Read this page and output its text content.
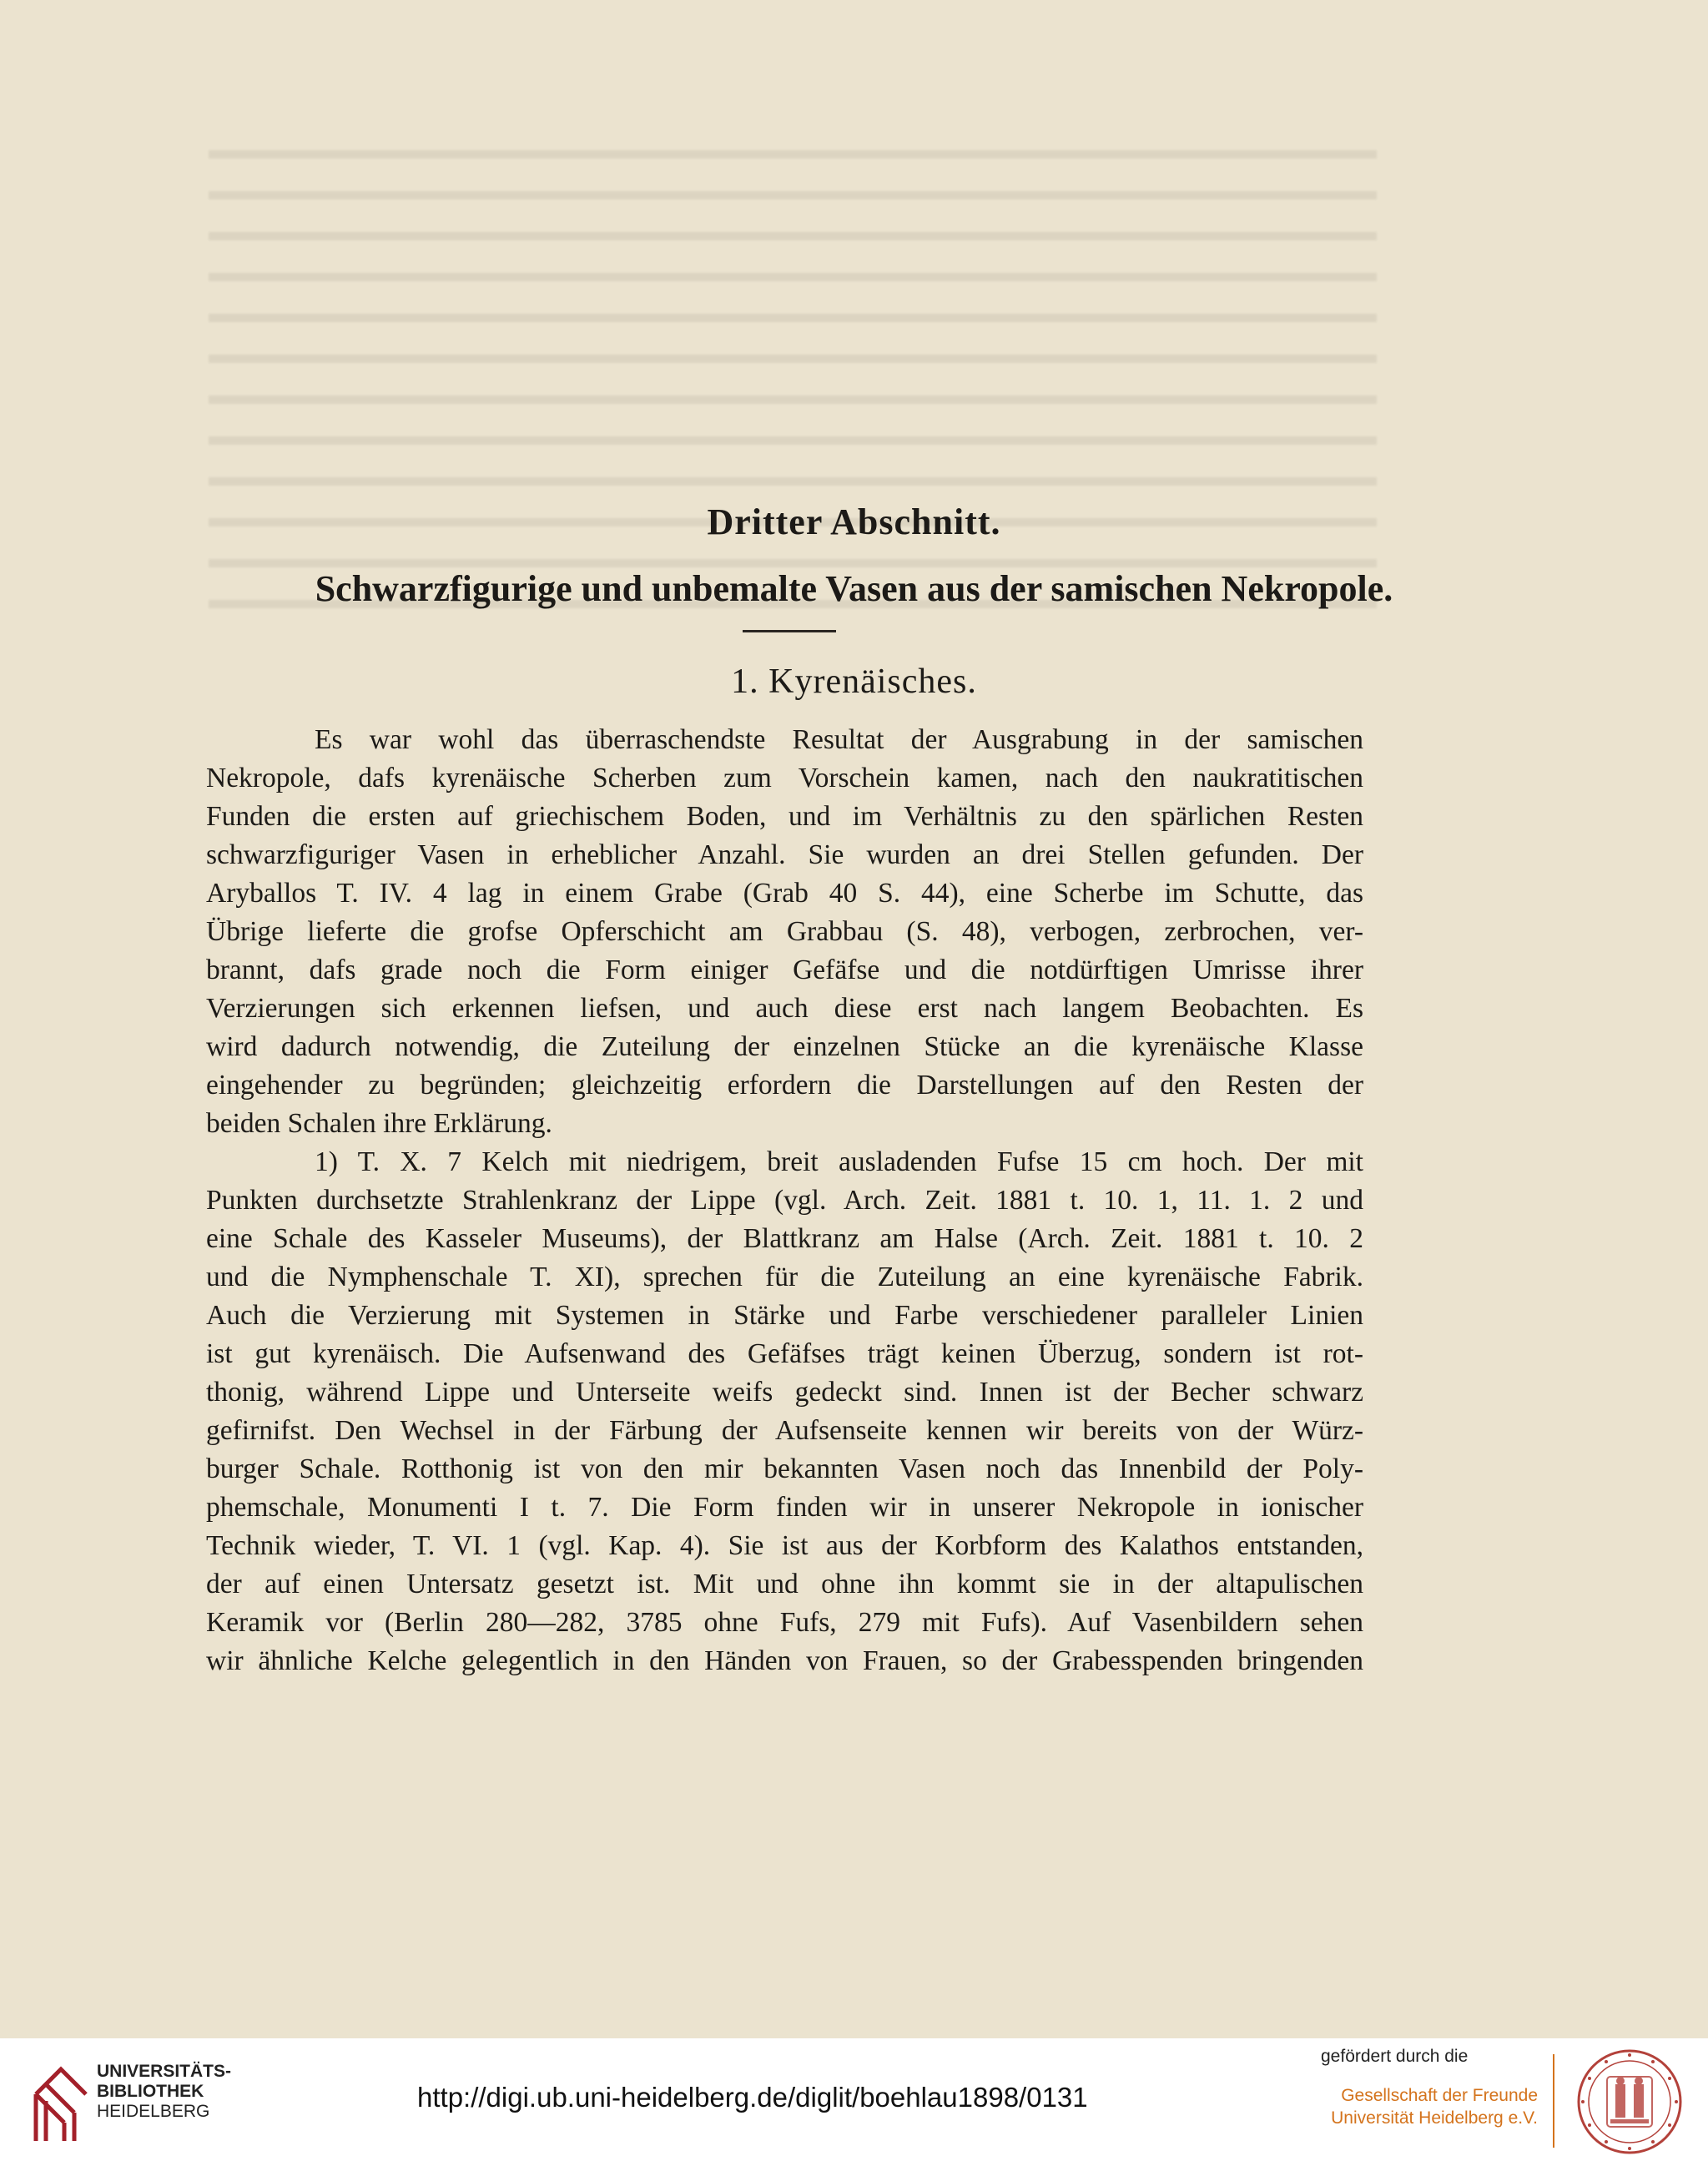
Dritter Abschnitt.
Schwarzfigurige und unbemalte Vasen aus der samischen Nekropole.
1. Kyrenäisches.
Es war wohl das überraschendste Resultat der Ausgrabung in der samischen
Nekropole, dafs kyrenäische Scherben zum Vorschein kamen, nach den naukratitischen
Funden die ersten auf griechischem Boden, und im Verhältnis zu den spärlichen Resten
schwarzfiguriger Vasen in erheblicher Anzahl. Sie wurden an drei Stellen gefunden. Der
Aryballos T. IV. 4 lag in einem Grabe (Grab 40 S. 44), eine Scherbe im Schutte, das
Übrige lieferte die grofse Opferschicht am Grabbau (S. 48), verbogen, zerbrochen, ver-
brannt, dafs grade noch die Form einiger Gefäfse und die notdürftigen Umrisse ihrer
Verzierungen sich erkennen liefsen, und auch diese erst nach langem Beobachten. Es
wird dadurch notwendig, die Zuteilung der einzelnen Stücke an die kyrenäische Klasse
eingehender zu begründen; gleichzeitig erfordern die Darstellungen auf den Resten der
beiden Schalen ihre Erklärung.
1) T. X. 7 Kelch mit niedrigem, breit ausladenden Fufse 15 cm hoch. Der mit
Punkten durchsetzte Strahlenkranz der Lippe (vgl. Arch. Zeit. 1881 t. 10. 1, 11. 1. 2 und
eine Schale des Kasseler Museums), der Blattkranz am Halse (Arch. Zeit. 1881 t. 10. 2
und die Nymphenschale T. XI), sprechen für die Zuteilung an eine kyrenäische Fabrik.
Auch die Verzierung mit Systemen in Stärke und Farbe verschiedener paralleler Linien
ist gut kyrenäisch. Die Aufsenwand des Gefäfses trägt keinen Überzug, sondern ist rot-
thonig, während Lippe und Unterseite weifs gedeckt sind. Innen ist der Becher schwarz
gefirnifst. Den Wechsel in der Färbung der Aufsenseite kennen wir bereits von der Würz-
burger Schale. Rotthonig ist von den mir bekannten Vasen noch das Innenbild der Poly-
phemschale, Monumenti I t. 7. Die Form finden wir in unserer Nekropole in ionischer
Technik wieder, T. VI. 1 (vgl. Kap. 4). Sie ist aus der Korbform des Kalathos entstanden,
der auf einen Untersatz gesetzt ist. Mit und ohne ihn kommt sie in der altapulischen
Keramik vor (Berlin 280—282, 3785 ohne Fufs, 279 mit Fufs). Auf Vasenbildern sehen
wir ähnliche Kelche gelegentlich in den Händen von Frauen, so der Grabesspenden bringenden
UNIVERSITÄTS-
BIBLIOTHEK
HEIDELBERG	http://digi.ub.uni-heidelberg.de/diglit/boehlau1898/0131
gefördert durch die
Gesellschaft der Freunde
Universität Heidelberg e.V.
